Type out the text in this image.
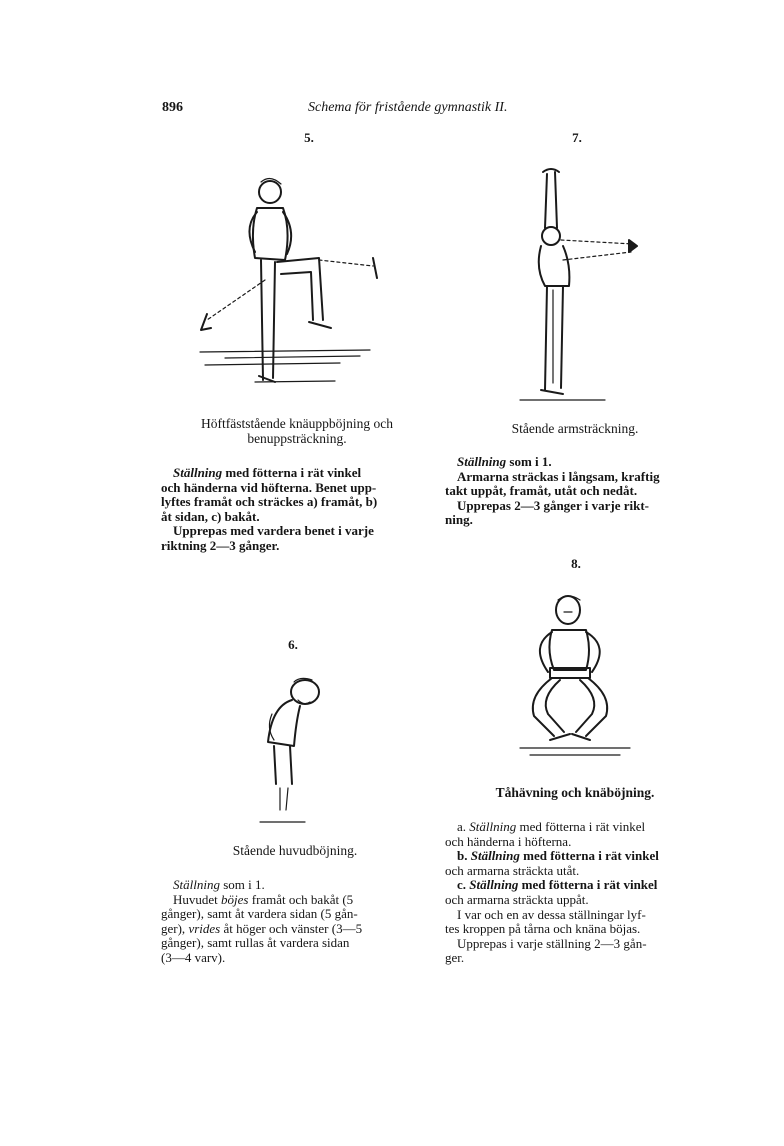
896	Schema för fristående gymnastik II.
5.
Höftfäststående knäuppböjning och
benuppsträckning.

Ställning med fötterna i rät vinkel

och händerna vid höfterna. Benet upp-

lyftes framåt och sträckes a) framåt, b)

åt sidan, c) bakåt.

Upprepas med vardera benet i varje

riktning 2—3 gånger.

6.
Stående huvudböjning.

Ställning som i 1.

Huvudet böjes framåt och bakåt (5

gånger), samt åt vardera sidan (5 gån-

ger), vrides åt höger och vänster (3—5

gånger), samt rullas åt vardera sidan

(3—4 varv).

7.
Stående armsträckning.

Ställning som i 1.

Armarna sträckas i långsam, kraftig

takt uppåt, framåt, utåt och nedåt.

Upprepas 2—3 gånger i varje rikt-

ning.

8.
Tåhävning och knäböjning.

a. Ställning med fötterna i rät vinkel

och händerna i höfterna.

b. Ställning med fötterna i rät vinkel

och armarna sträckta utåt.

c. Ställning med fötterna i rät vinkel

och armarna sträckta uppåt.

I var och en av dessa ställningar lyf-

tes kroppen på tårna och knäna böjas.

Upprepas i varje ställning 2—3 gån-

ger.
